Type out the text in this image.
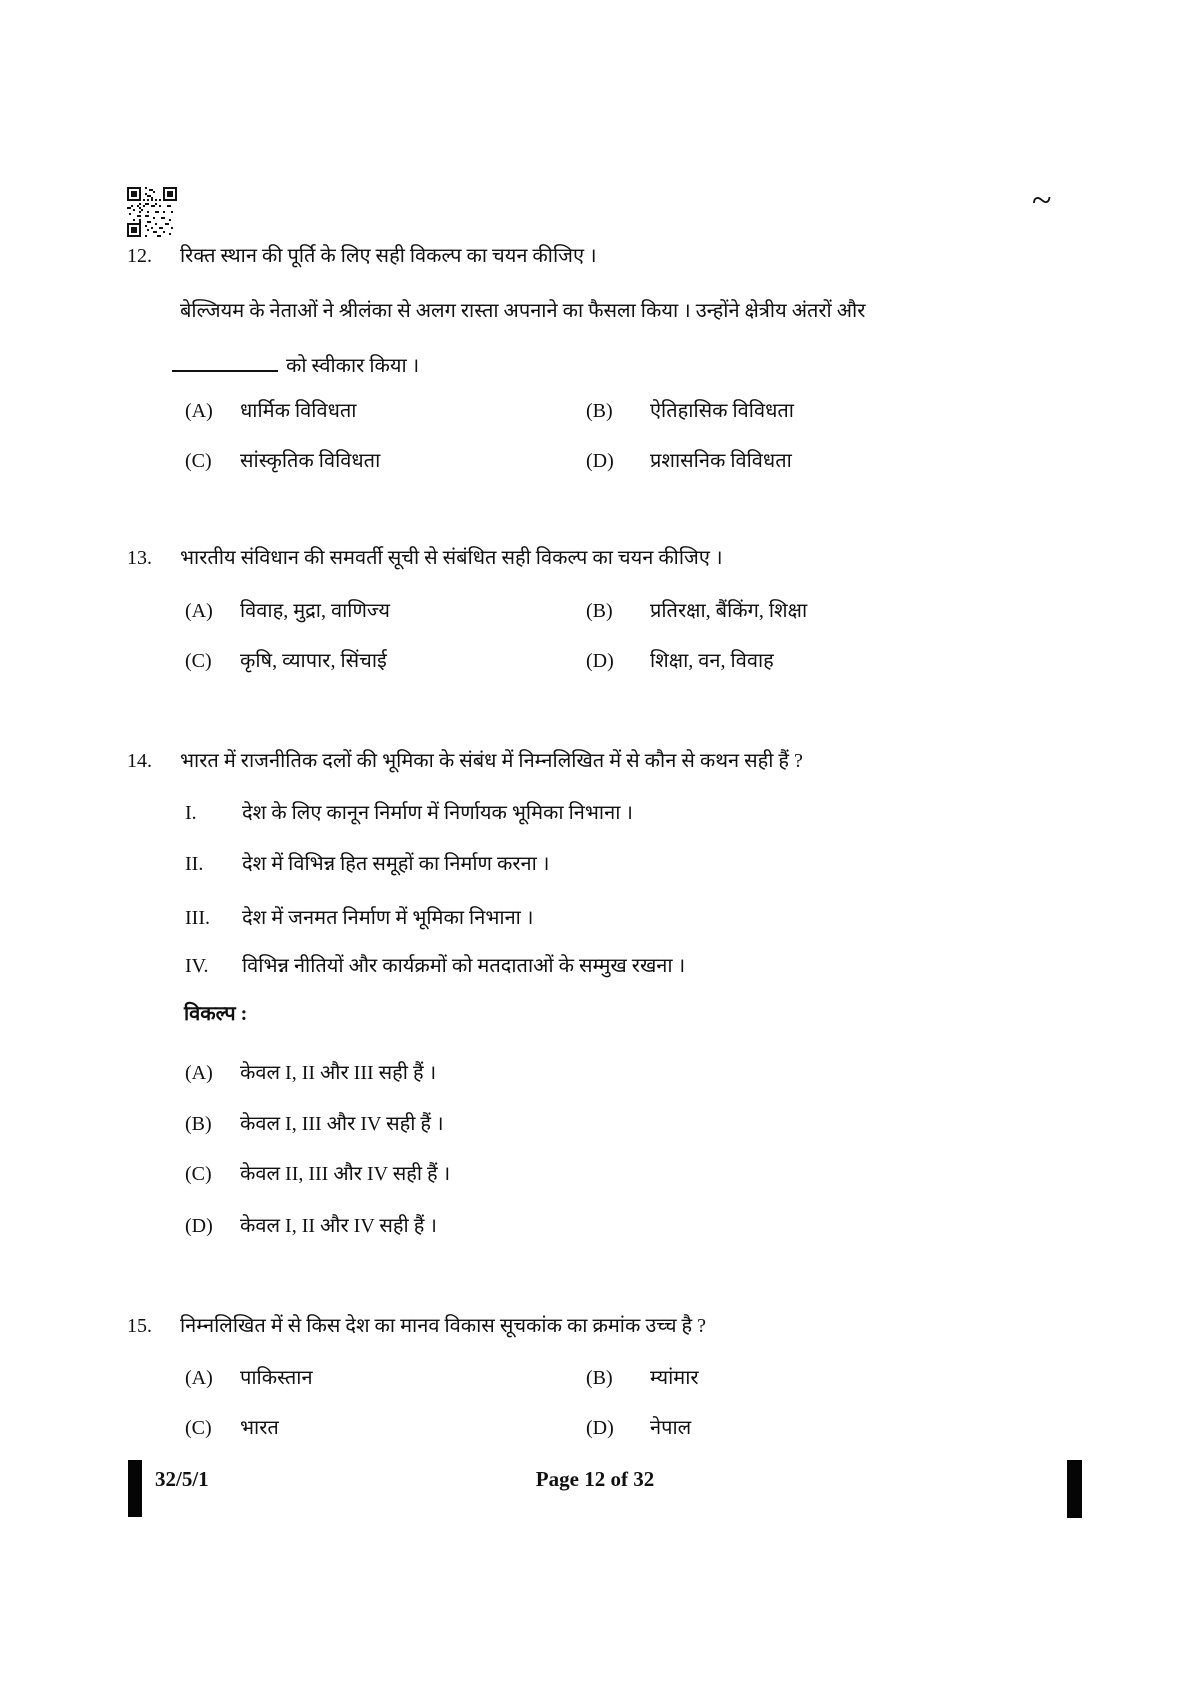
~
12. रिक्त स्थान की पूर्ति के लिए सही विकल्प का चयन कीजिए ।
बेल्जियम के नेताओं ने श्रीलंका से अलग रास्ता अपनाने का फैसला किया । उन्होंने क्षेत्रीय अंतरों और
को स्वीकार किया ।
(A) धार्मिक विविधता	(B) ऐतिहासिक विविधता
(C) सांस्कृतिक विविधता	(D) प्रशासनिक विविधता
13. भारतीय संविधान की समवर्ती सूची से संबंधित सही विकल्प का चयन कीजिए ।
(A) विवाह, मुद्रा, वाणिज्य	(B) प्रतिरक्षा, बैंकिंग, शिक्षा
(C) कृषि, व्यापार, सिंचाई	(D) शिक्षा, वन, विवाह
14. भारत में राजनीतिक दलों की भूमिका के संबंध में निम्नलिखित में से कौन से कथन सही हैं ?
I. देश के लिए कानून निर्माण में निर्णायक भूमिका निभाना ।
II. देश में विभिन्न हित समूहों का निर्माण करना ।
III. देश में जनमत निर्माण में भूमिका निभाना ।
IV. विभिन्न नीतियों और कार्यक्रमों को मतदाताओं के सम्मुख रखना ।
विकल्प :
(A) केवल I, II और III सही हैं ।
(B) केवल I, III और IV सही हैं ।
(C) केवल II, III और IV सही हैं ।
(D) केवल I, II और IV सही हैं ।
15. निम्नलिखित में से किस देश का मानव विकास सूचकांक का क्रमांक उच्च है ?
(A) पाकिस्तान	(B) म्यांमार
(C) भारत	(D) नेपाल
32/5/1	Page 12 of 32
